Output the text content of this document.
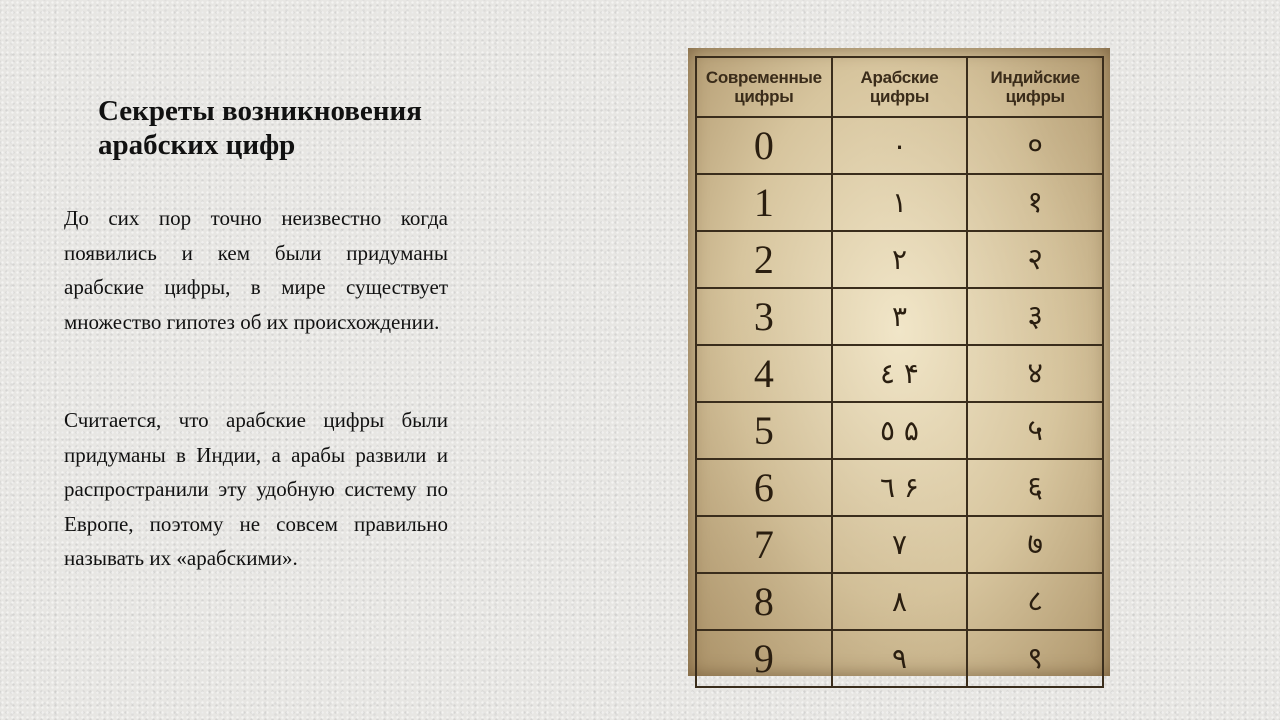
Секреты возникновения арабских цифр

До сих пор точно неизвестно когда появились и кем были придуманы арабские цифры, в мире существует множество гипотез об их происхождении.

Считается, что арабские цифры были придуманы в Индии, а арабы развили и распространили эту удобную систему по Европе, поэтому не совсем правильно называть их «арабскими».

Современные цифры	Арабские цифры	Индийские цифры
0	٠	०
1	١	१
2	٢	२
3	٣	३
4	٤ ۴	४
5	٥ ۵	५
6	٦ ۶	६
7	٧	७
8	٨	८
9	٩	९
